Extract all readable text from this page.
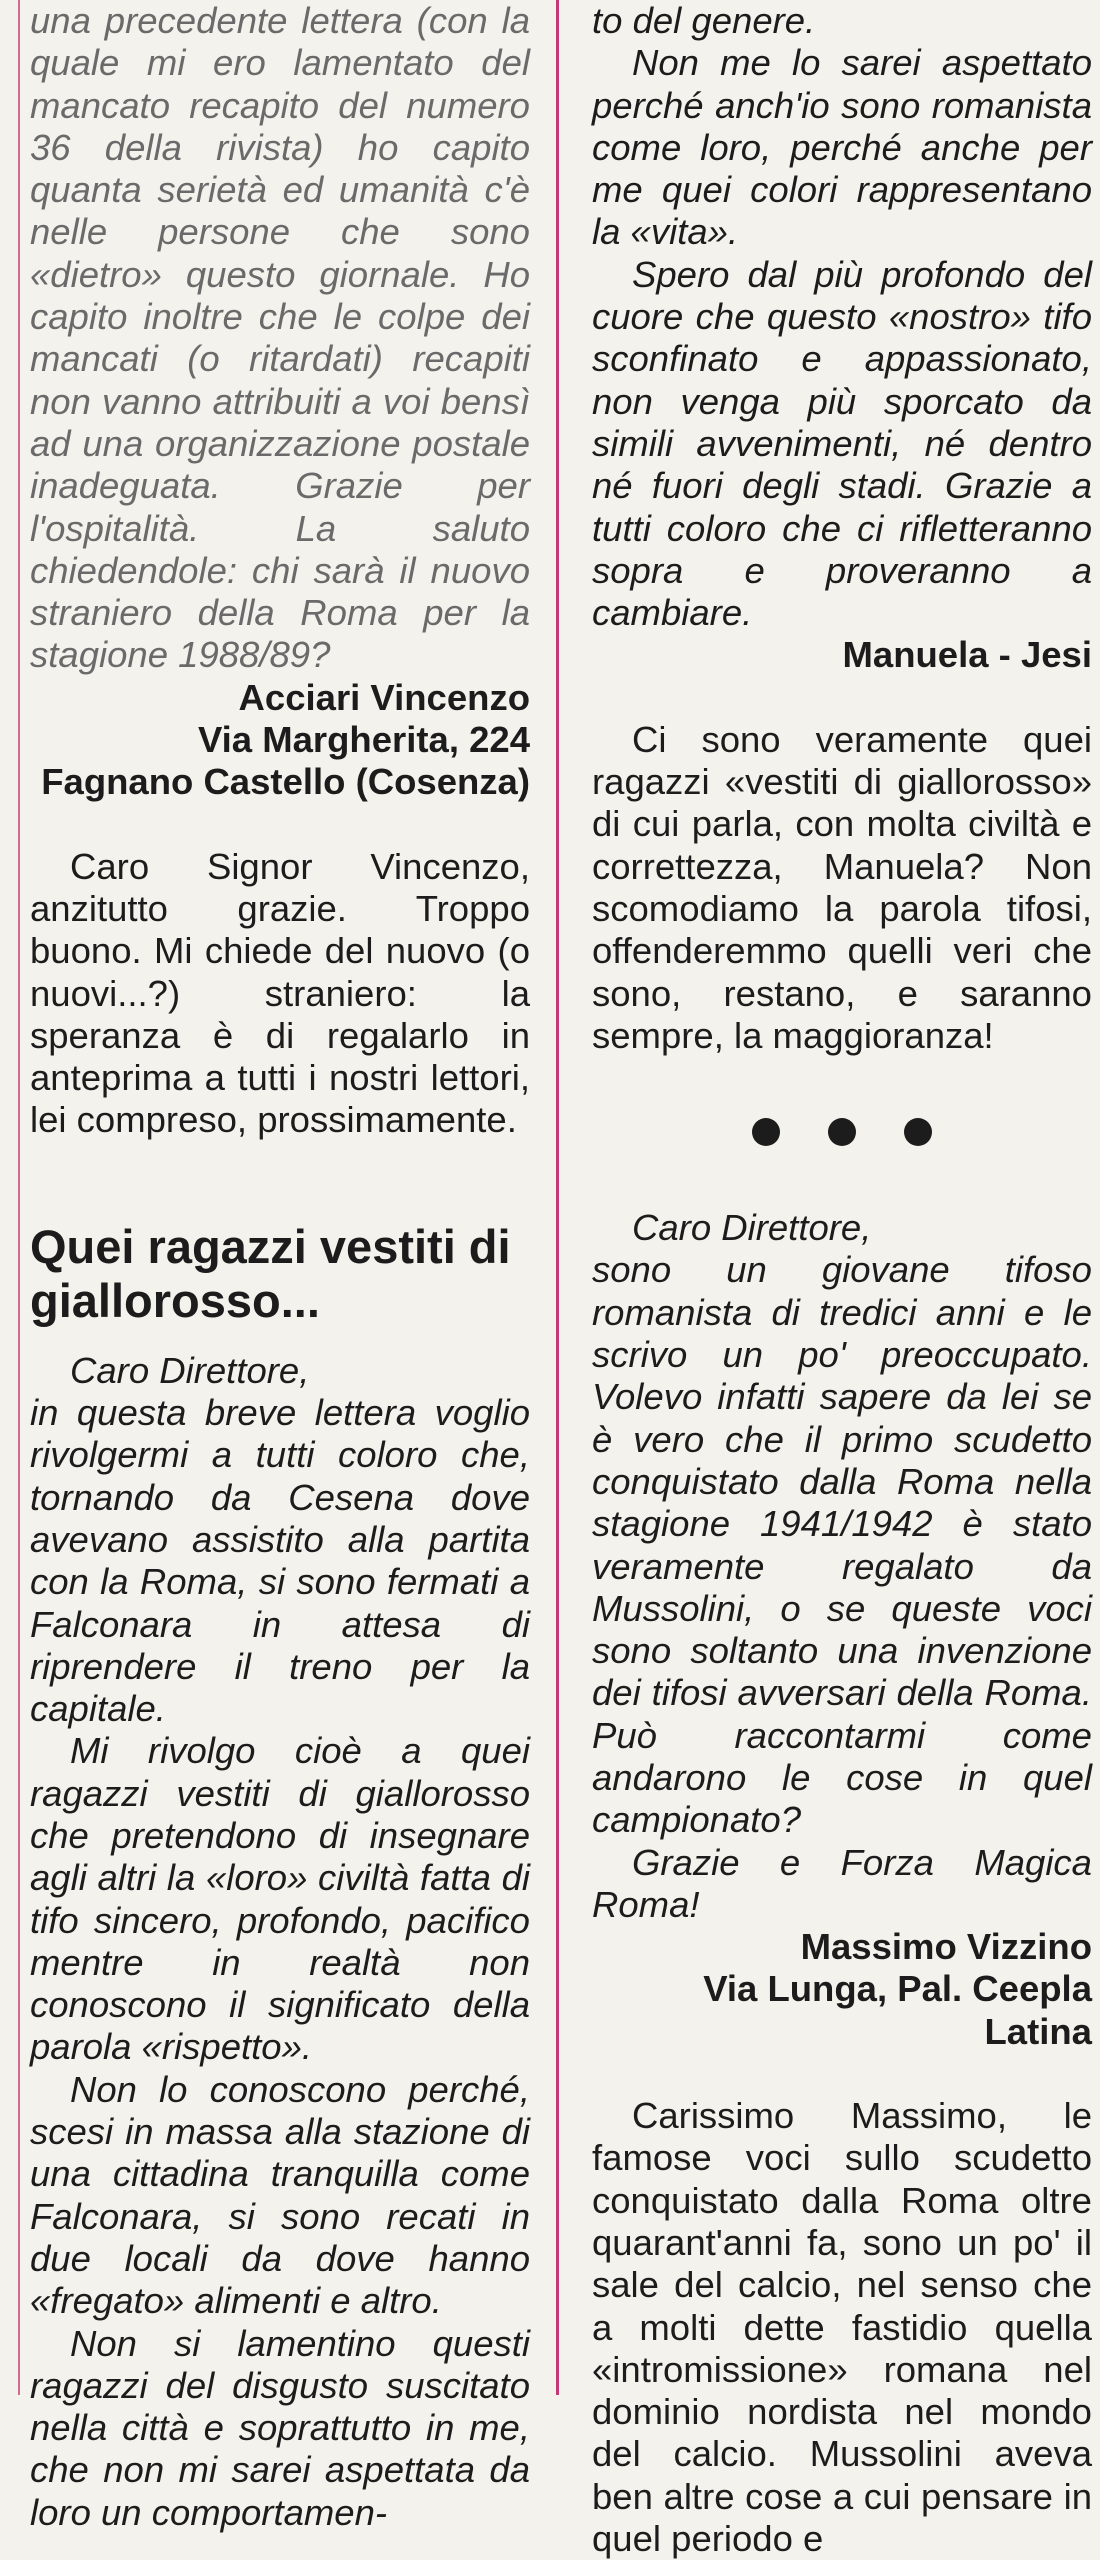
una precedente lettera (con la quale mi ero lamentato del mancato recapito del numero 36 della rivista) ho capito quanta serietà ed umanità c'è nelle persone che sono «dietro» questo giornale. Ho capito inoltre che le colpe dei mancati (o ritardati) recapiti non vanno attribuiti a voi bensì ad una organizzazione postale inadeguata. Grazie per l'ospitalità. La saluto chiedendole: chi sarà il nuovo straniero della Roma per la stagione 1988/89?

Acciari Vincenzo
Via Margherita, 224
Fagnano Castello (Cosenza)

Caro Signor Vincenzo, anzitutto grazie. Troppo buono. Mi chiede del nuovo (o nuovi...?) straniero: la speranza è di regalarlo in anteprima a tutti i nostri lettori, lei compreso, prossimamente.

Quei ragazzi vestiti di giallorosso...

Caro Direttore,

in questa breve lettera voglio rivolgermi a tutti coloro che, tornando da Cesena dove avevano assistito alla partita con la Roma, si sono fermati a Falconara in attesa di riprendere il treno per la capitale.

Mi rivolgo cioè a quei ragazzi vestiti di giallorosso che pretendono di insegnare agli altri la «loro» civiltà fatta di tifo sincero, profondo, pacifico mentre in realtà non conoscono il significato della parola «rispetto».

Non lo conoscono perché, scesi in massa alla stazione di una cittadina tranquilla come Falconara, si sono recati in due locali da dove hanno «fregato» alimenti e altro.

Non si lamentino questi ragazzi del disgusto suscitato nella città e soprattutto in me, che non mi sarei aspettata da loro un comportamen-

to del genere.

Non me lo sarei aspettato perché anch'io sono romanista come loro, perché anche per me quei colori rappresentano la «vita».

Spero dal più profondo del cuore che questo «nostro» tifo sconfinato e appassionato, non venga più sporcato da simili avvenimenti, né dentro né fuori degli stadi. Grazie a tutti coloro che ci rifletteranno sopra e proveranno a cambiare.

Manuela - Jesi

Ci sono veramente quei ragazzi «vestiti di giallorosso» di cui parla, con molta civiltà e correttezza, Manuela? Non scomodiamo la parola tifosi, offenderemmo quelli veri che sono, restano, e saranno sempre, la maggioranza!

Caro Direttore,

sono un giovane tifoso romanista di tredici anni e le scrivo un po' preoccupato. Volevo infatti sapere da lei se è vero che il primo scudetto conquistato dalla Roma nella stagione 1941/1942 è stato veramente regalato da Mussolini, o se queste voci sono soltanto una invenzione dei tifosi avversari della Roma. Può raccontarmi come andarono le cose in quel campionato?

Grazie e Forza Magica Roma!

Massimo Vizzino
Via Lunga, Pal. Ceepla
Latina

Carissimo Massimo, le famose voci sullo scudetto conquistato dalla Roma oltre quarant'anni fa, sono un po' il sale del calcio, nel senso che a molti dette fastidio quella «intromissione» romana nel dominio nordista nel mondo del calcio. Mussolini aveva ben altre cose a cui pensare in quel periodo e
